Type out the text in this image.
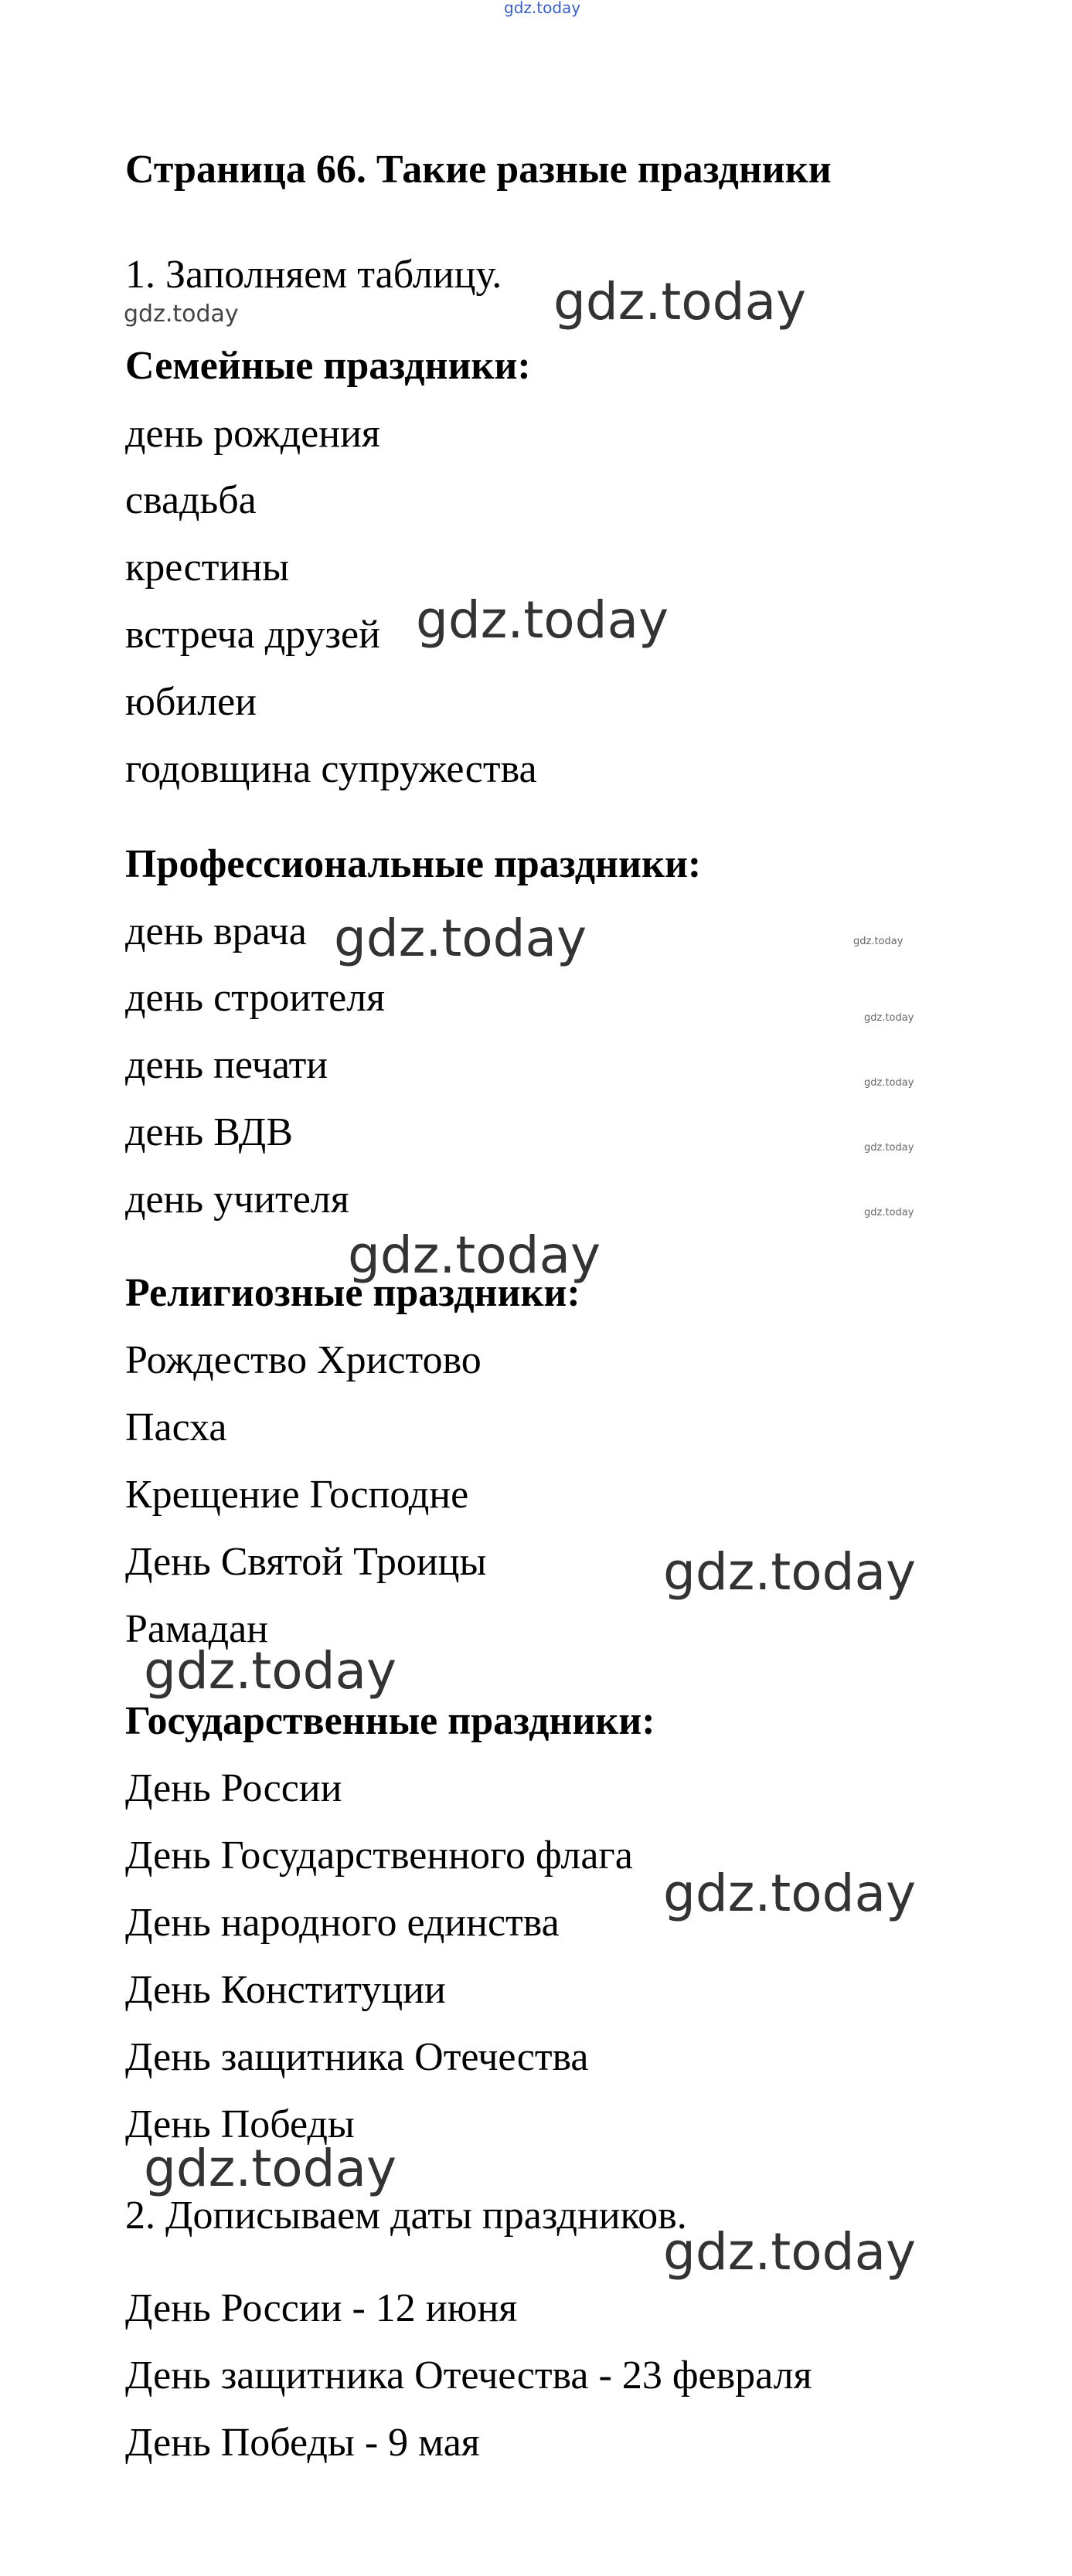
gdz.today
Страница 66. Такие разные праздники
1. Заполняем таблицу.
gdz.today	gdz.today
Семейные праздники:
день рождения
свадьба
крестины
встреча друзей gdz.today
юбилеи
годовщина супружества
Профессиональные праздники:
день врача gdz.today	gdz.today
день строителя	gdz.today
день печати	gdz.today
день ВДВ	gdz.today
день учителя	gdz.today
gdz.today
Религиозные праздники:
Рождество Христово
Пасха
Крещение Господне
День Святой Троицы	gdz.today
Рамадан
gdz.today
Государственные праздники:
День России
День Государственного флага
День народного единства gdz.today
День Конституции
День защитника Отечества
День Победы
gdz.today
2. Дописываем даты праздников.
gdz.today
День России - 12 июня
День защитника Отечества - 23 февраля
День Победы - 9 мая
